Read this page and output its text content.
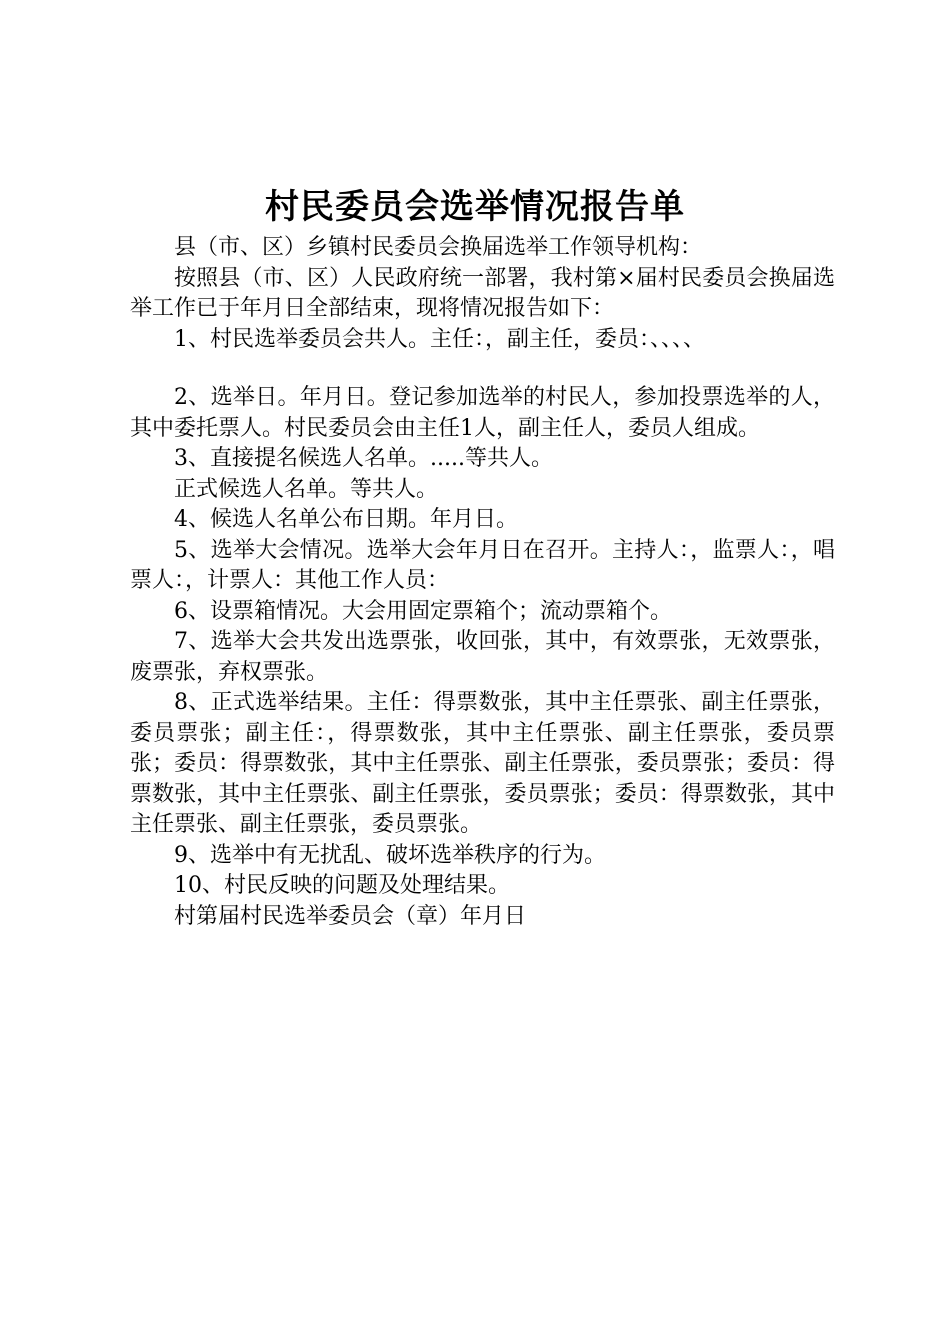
村民委员会选举情况报告单

县（市、区）乡镇村民委员会换届选举工作领导机构：

按照县（市、区）人民政府统一部署，我村第×届村民委员会换届选举工作已于年月日全部结束，现将情况报告如下：

1、村民选举委员会共人。主任：，副主任，委员：、、、、

2、选举日。年月日。登记参加选举的村民人，参加投票选举的人，其中委托票人。村民委员会由主任1人，副主任人，委员人组成。

3、直接提名候选人名单。.....等共人。

正式候选人名单。等共人。

4、候选人名单公布日期。年月日。

5、选举大会情况。选举大会年月日在召开。主持人：，监票人：，唱票人：，计票人：其他工作人员：

6、设票箱情况。大会用固定票箱个；流动票箱个。

7、选举大会共发出选票张，收回张，其中，有效票张，无效票张，废票张，弃权票张。

8、正式选举结果。主任：得票数张，其中主任票张、副主任票张，委员票张；副主任：，得票数张，其中主任票张、副主任票张，委员票张；委员：得票数张，其中主任票张、副主任票张，委员票张；委员：得票数张，其中主任票张、副主任票张，委员票张；委员：得票数张，其中主任票张、副主任票张，委员票张。

9、选举中有无扰乱、破坏选举秩序的行为。

10、村民反映的问题及处理结果。

村第届村民选举委员会（章）年月日
